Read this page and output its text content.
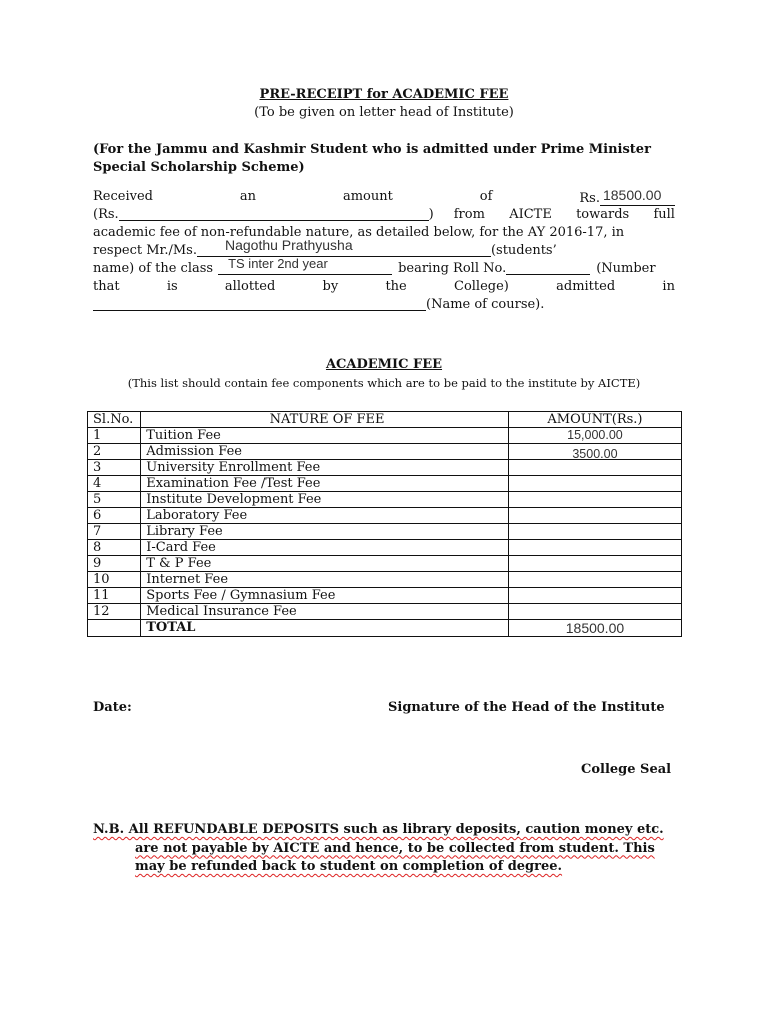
PRE-RECEIPT for ACADEMIC FEE
(To be given on letter head of Institute)
(For the Jammu and Kashmir Student who is admitted under Prime Minister Special Scholarship Scheme)
Received	an	amount	of	Rs. 18500.00
(Rs.	) from AICTE towards full
academic fee of non-refundable nature, as detailed below, for the AY 2016-17, in
respect Mr./Ms. Nagothu Prathyusha	(students’
name) of the class TS inter 2nd year	bearing Roll No.	(Number
that	is	allotted	by	the	College)	admitted	in
(Name of course).
ACADEMIC FEE
(This list should contain fee components which are to be paid to the institute by AICTE)
Sl.No.	NATURE OF FEE	AMOUNT(Rs.)
1	Tuition Fee	15,000.00
2	Admission Fee	3500.00
3	University Enrollment Fee	
4	Examination Fee /Test Fee	
5	Institute Development Fee	
6	Laboratory Fee	
7	Library Fee	
8	I-Card Fee	
9	T & P Fee	
10	Internet Fee	
11	Sports Fee / Gymnasium Fee	
12	Medical Insurance Fee	
	TOTAL	18500.00
Date:	Signature of the Head of the Institute
College Seal
N.B. All REFUNDABLE DEPOSITS such as library deposits, caution money etc.
are not payable by AICTE and hence, to be collected from student. This
may be refunded back to student on completion of degree.
